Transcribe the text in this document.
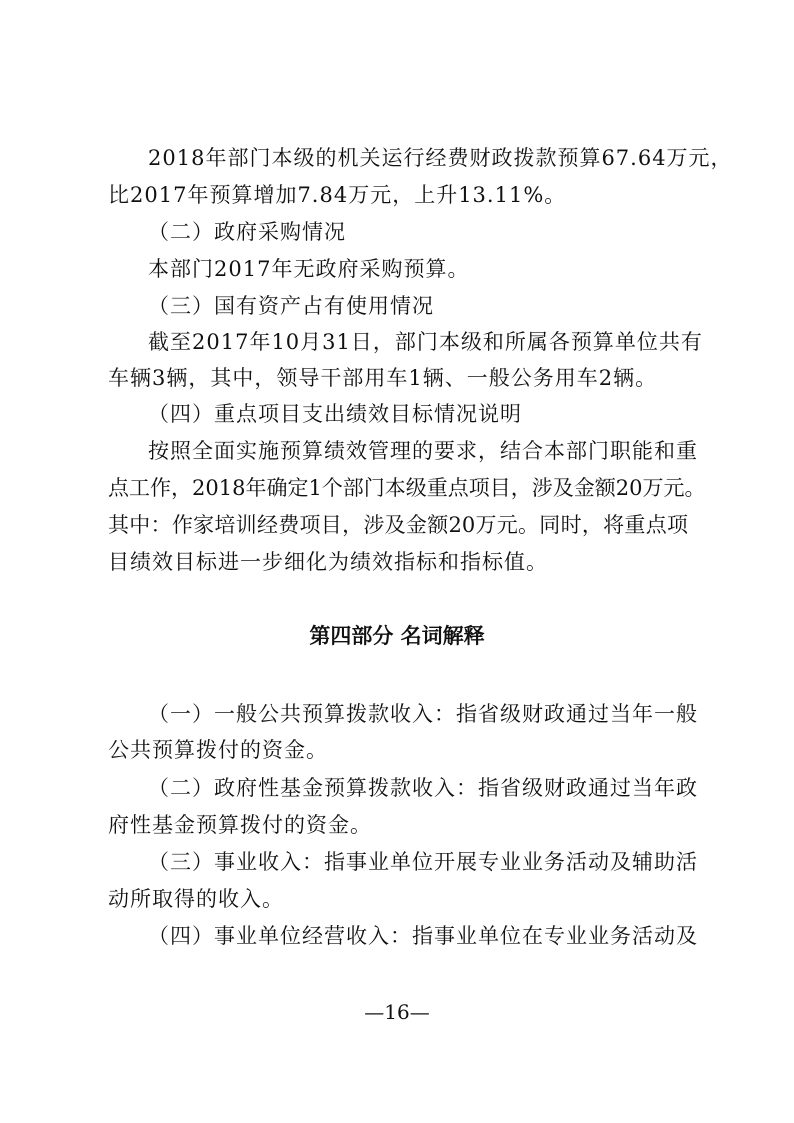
2018年部门本级的机关运行经费财政拨款预算67.64万元，
比2017年预算增加7.84万元，上升13.11%。
（二）政府采购情况
本部门2017年无政府采购预算。
（三）国有资产占有使用情况
截至2017年10月31日，部门本级和所属各预算单位共有
车辆3辆，其中，领导干部用车1辆、一般公务用车2辆。
（四）重点项目支出绩效目标情况说明
按照全面实施预算绩效管理的要求，结合本部门职能和重
点工作，2018年确定1个部门本级重点项目，涉及金额20万元。
其中：作家培训经费项目，涉及金额20万元。同时，将重点项
目绩效目标进一步细化为绩效指标和指标值。
第四部分 名词解释
（一）一般公共预算拨款收入：指省级财政通过当年一般
公共预算拨付的资金。
（二）政府性基金预算拨款收入：指省级财政通过当年政
府性基金预算拨付的资金。
（三）事业收入：指事业单位开展专业业务活动及辅助活
动所取得的收入。
（四）事业单位经营收入：指事业单位在专业业务活动及
—16—
